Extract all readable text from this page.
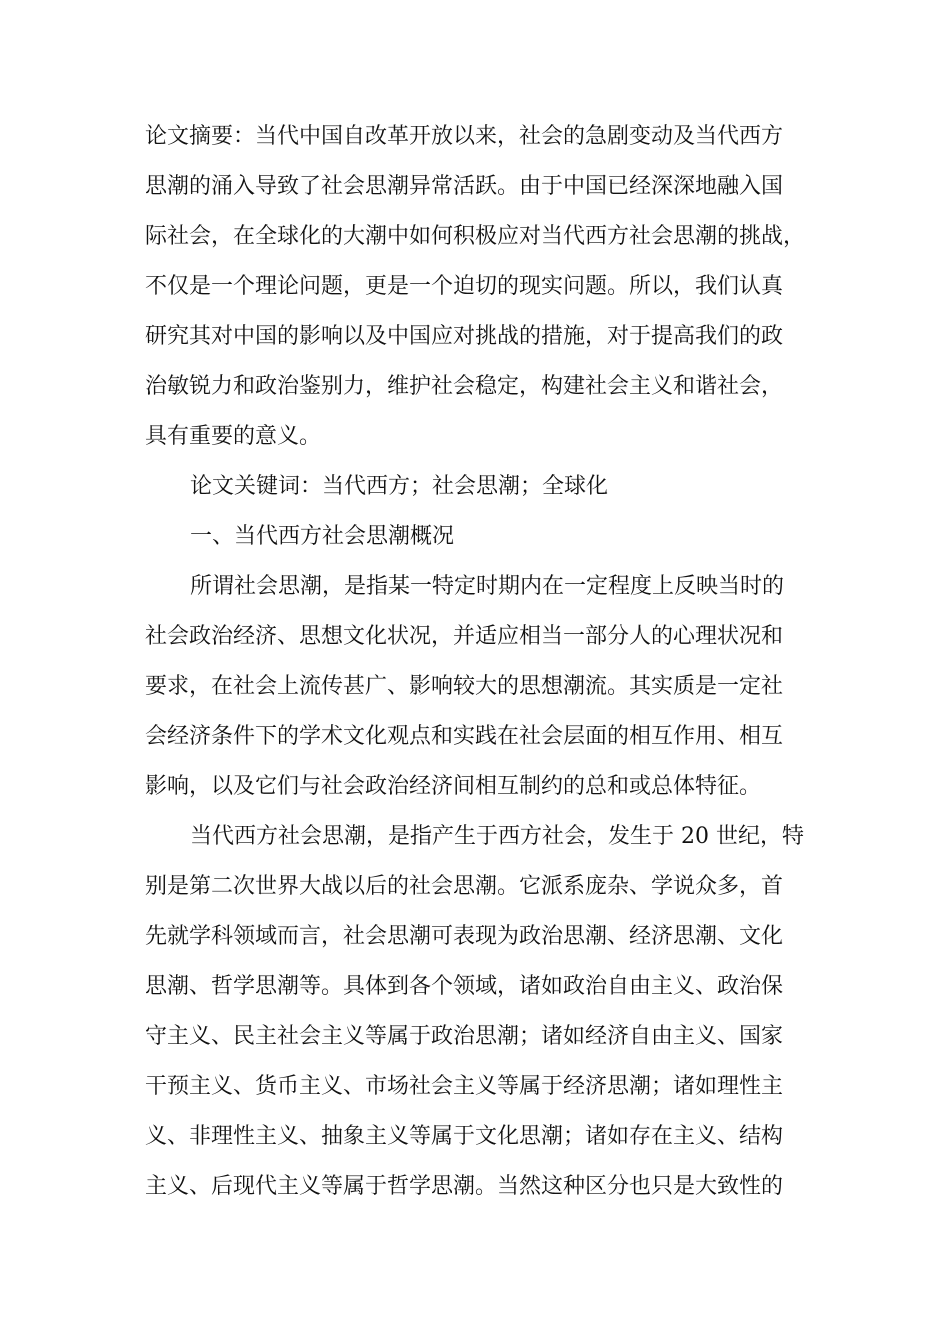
论文摘要：当代中国自改革开放以来，社会的急剧变动及当代西方
思潮的涌入导致了社会思潮异常活跃。由于中国已经深深地融入国
际社会，在全球化的大潮中如何积极应对当代西方社会思潮的挑战，
不仅是一个理论问题，更是一个迫切的现实问题。所以，我们认真
研究其对中国的影响以及中国应对挑战的措施，对于提高我们的政
治敏锐力和政治鉴别力，维护社会稳定，构建社会主义和谐社会，
具有重要的意义。
论文关键词：当代西方；社会思潮；全球化
一、当代西方社会思潮概况
所谓社会思潮，是指某一特定时期内在一定程度上反映当时的
社会政治经济、思想文化状况，并适应相当一部分人的心理状况和
要求，在社会上流传甚广、影响较大的思想潮流。其实质是一定社
会经济条件下的学术文化观点和实践在社会层面的相互作用、相互
影响，以及它们与社会政治经济间相互制约的总和或总体特征。
当代西方社会思潮，是指产生于西方社会，发生于 20 世纪，特
别是第二次世界大战以后的社会思潮。它派系庞杂、学说众多，首
先就学科领域而言，社会思潮可表现为政治思潮、经济思潮、文化
思潮、哲学思潮等。具体到各个领域，诸如政治自由主义、政治保
守主义、民主社会主义等属于政治思潮；诸如经济自由主义、国家
干预主义、货币主义、市场社会主义等属于经济思潮；诸如理性主
义、非理性主义、抽象主义等属于文化思潮；诸如存在主义、结构
主义、后现代主义等属于哲学思潮。当然这种区分也只是大致性的
